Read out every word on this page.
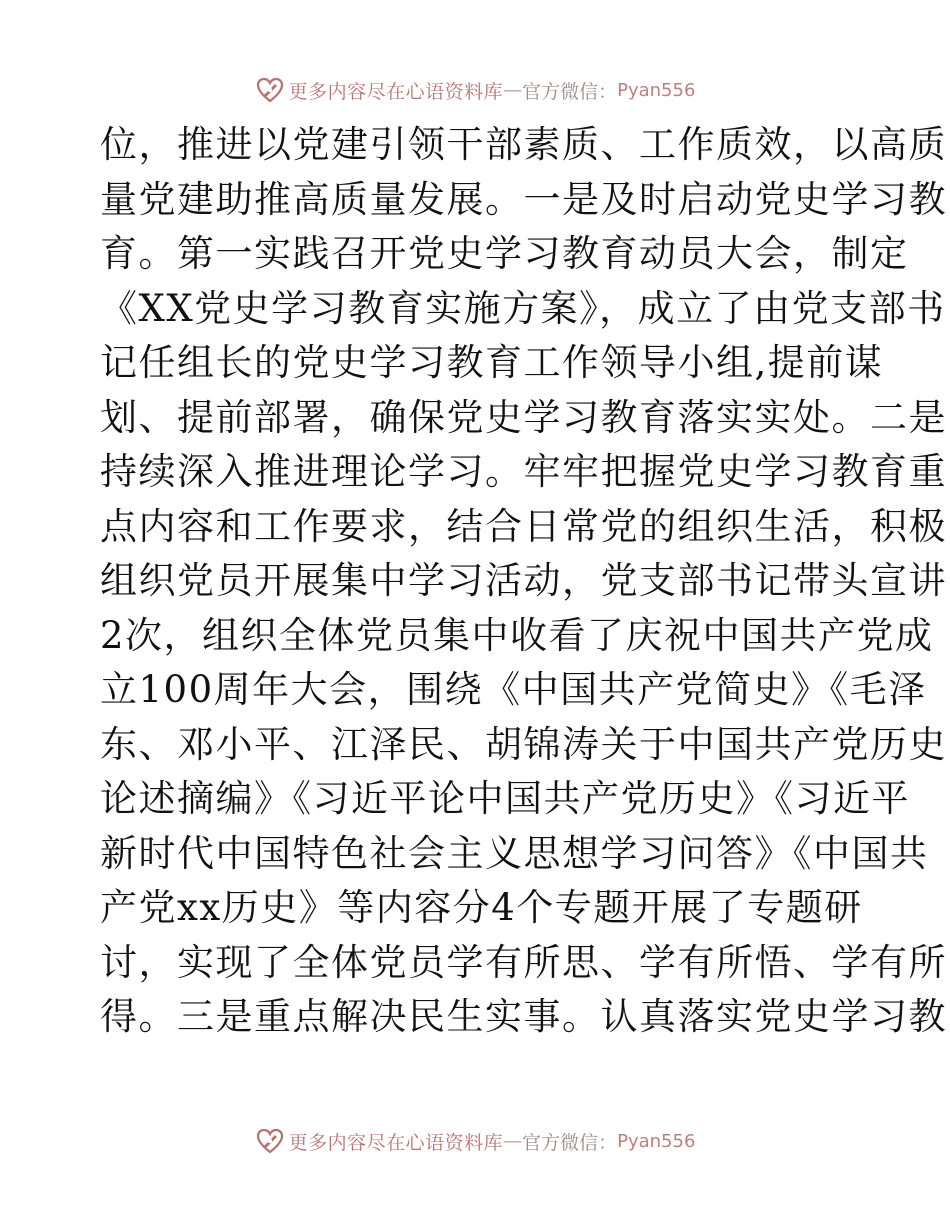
更多内容尽在心语资料库 — 官方微信： Pyan556
位，推进以党建引领干部素质、工作质效，以高质
量党建助推高质量发展。一是及时启动党史学习教
育。第一实践召开党史学习教育动员大会，制定
《XX党史学习教育实施方案》，成立了由党支部书
记任组长的党史学习教育工作领导小组,提前谋
划、提前部署，确保党史学习教育落实实处。二是
持续深入推进理论学习。牢牢把握党史学习教育重
点内容和工作要求，结合日常党的组织生活，积极
组织党员开展集中学习活动，党支部书记带头宣讲
2次，组织全体党员集中收看了庆祝中国共产党成
立100周年大会，围绕《中国共产党简史》《毛泽
东、邓小平、江泽民、胡锦涛关于中国共产党历史
论述摘编》《习近平论中国共产党历史》《习近平
新时代中国特色社会主义思想学习问答》《中国共
产党xx历史》等内容分4个专题开展了专题研
讨，实现了全体党员学有所思、学有所悟、学有所
得。三是重点解决民生实事。认真落实党史学习教
更多内容尽在心语资料库 — 官方微信： Pyan556
